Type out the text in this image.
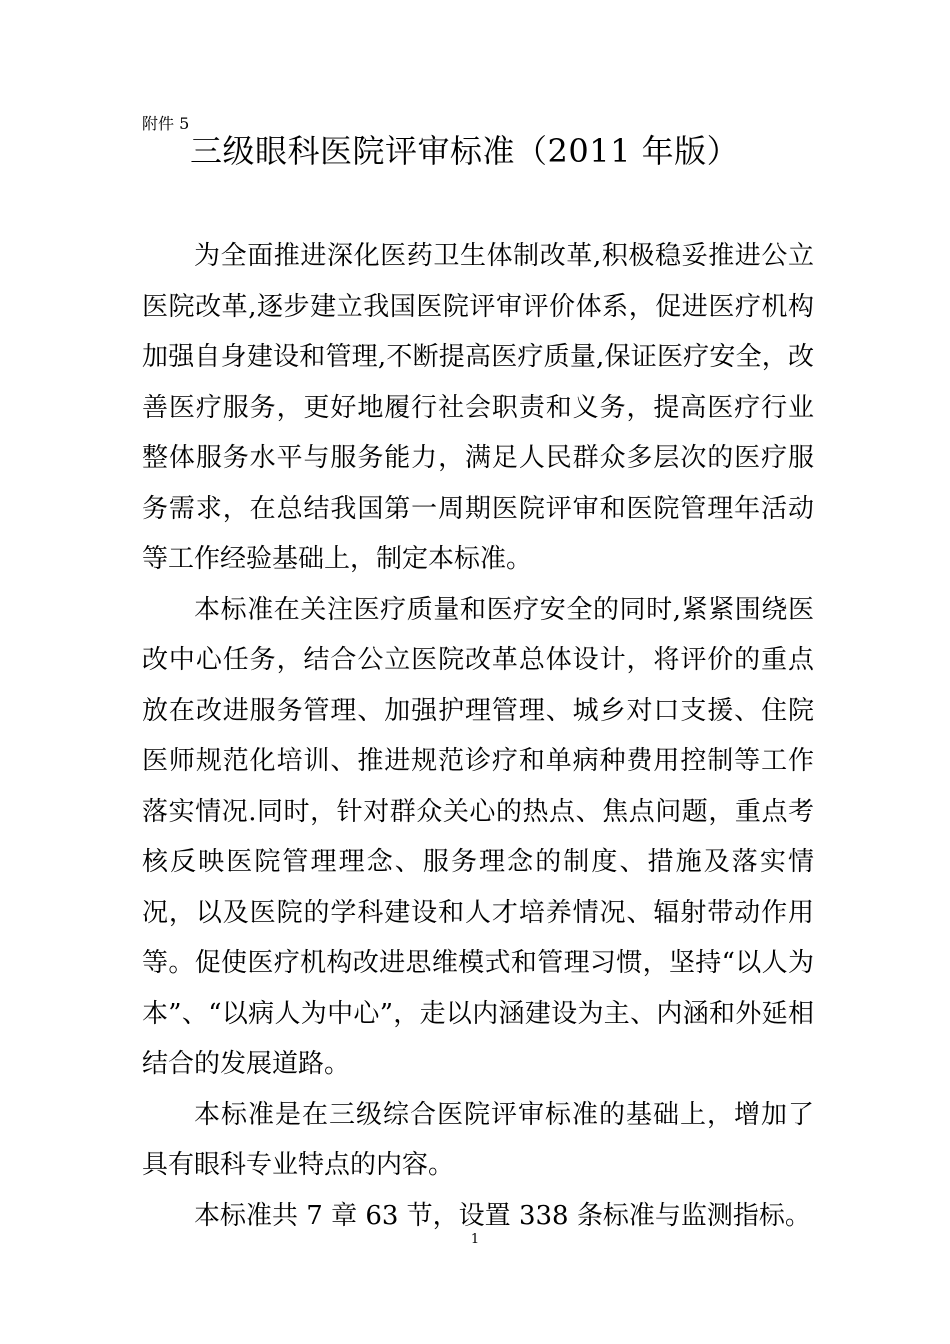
附件 5
三级眼科医院评审标准（2011 年版）

为全面推进深化医药卫生体制改革,积极稳妥推进公立医院改革,逐步建立我国医院评审评价体系，促进医疗机构加强自身建设和管理,不断提高医疗质量,保证医疗安全，改善医疗服务，更好地履行社会职责和义务，提高医疗行业整体服务水平与服务能力，满足人民群众多层次的医疗服务需求，在总结我国第一周期医院评审和医院管理年活动等工作经验基础上，制定本标准。

本标准在关注医疗质量和医疗安全的同时,紧紧围绕医改中心任务，结合公立医院改革总体设计，将评价的重点放在改进服务管理、加强护理管理、城乡对口支援、住院医师规范化培训、推进规范诊疗和单病种费用控制等工作落实情况.同时，针对群众关心的热点、焦点问题，重点考核反映医院管理理念、服务理念的制度、措施及落实情况，以及医院的学科建设和人才培养情况、辐射带动作用等。促使医疗机构改进思维模式和管理习惯，坚持“以人为本”、“以病人为中心”，走以内涵建设为主、内涵和外延相结合的发展道路。

本标准是在三级综合医院评审标准的基础上，增加了具有眼科专业特点的内容。

本标准共 7 章 63 节，设置 338 条标准与监测指标。

1
